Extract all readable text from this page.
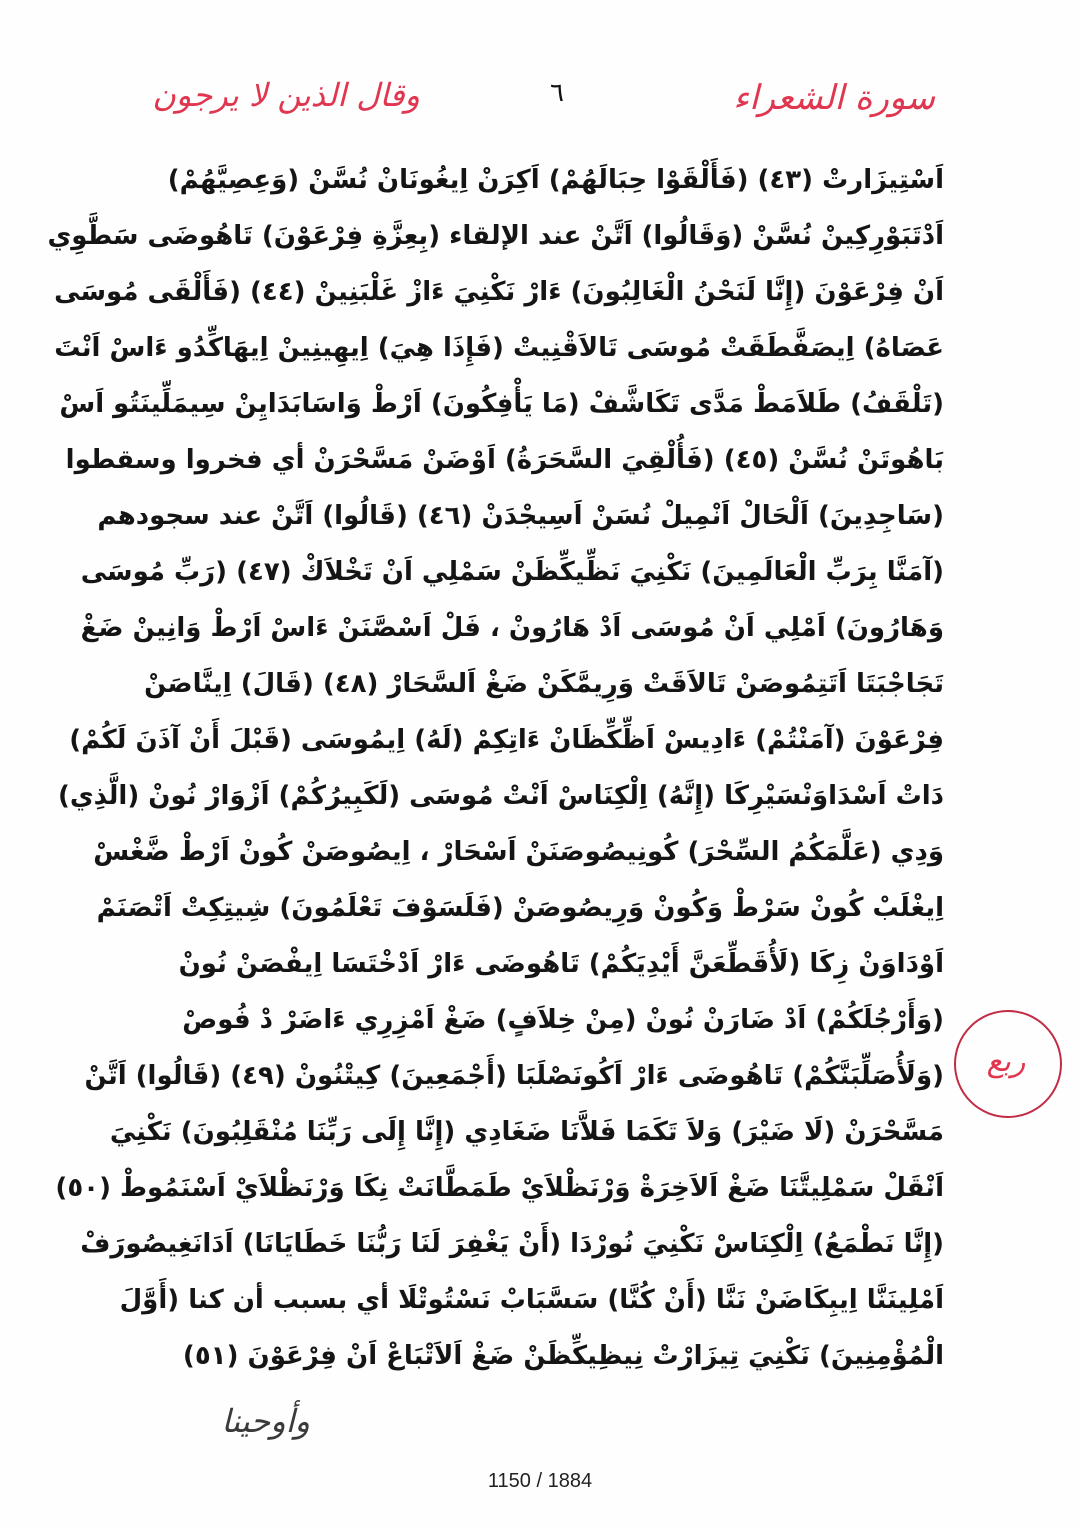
سورة الشعراء
٦
وقال الذين لا يرجون
اَسْتِيزَارتْ (٤٣) (فَأَلْقَوْا حِبَالَهُمْ) اَكِرَنْ اِيغُونَانْ نُسَّنْ (وَعِصِيَّهُمْ)
اَدْتَبَوْرِكِينْ نُسَّنْ (وَقَالُوا) اَتَّنْ عند الإلقاء (بِعِزَّةِ فِرْعَوْنَ) تَاهُوضَى سَطَّوِي
اَنْ فِرْعَوْنَ (إِنَّا لَنَحْنُ الْغَالِبُونَ) ءَارْ نَكْنِيَ ءَازْ غَلْبَنِينْ (٤٤) (فَأَلْقَى مُوسَى
عَصَاهُ) اِيصَفَّطَقَتْ مُوسَى تَالاَقْنِيتْ (فَإِذَا هِيَ) اِيهِينِينْ اِيهَاكِّدُو ءَاسْ اَنْتَ
(تَلْقَفُ) طَلاَمَطْ مَدَّى تَكَاشَّفْ (مَا يَأْفِكُونَ) اَرْطْ وَاسَابَدَايِنْ سِيمَلِّينَتُو اَسْ
بَاهُوتَنْ نُسَّنْ (٤٥) (فَأُلْقِيَ السَّحَرَةُ) اَوْضَنْ مَسَّحْرَنْ أي فخروا وسقطوا
(سَاجِدِينَ) اَلْحَالْ اَنْمِيلْ نُسَنْ اَسِيجْدَنْ (٤٦) (قَالُوا) اَتَّنْ عند سجودهم
(آمَنَّا بِرَبِّ الْعَالَمِينَ) نَكْنِيَ نَظِّيكِّظَنْ سَمْلِي اَنْ تَخْلاَكْ (٤٧) (رَبِّ مُوسَى
وَهَارُونَ) اَمْلِي اَنْ مُوسَى اَدْ هَارُونْ ، فَلْ اَسْصَّنَنْ ءَاسْ اَرْطْ وَانِينْ ضَغْ
تَجَاجْبَتَا اَتَتِمُوصَنْ تَالاَقَتْ وَرِيمَّكَنْ ضَغْ اَلسَّحَارْ (٤٨) (قَالَ) اِينَّاصَنْ
فِرْعَوْنَ (آمَنْتُمْ) ءَادِيسْ اَظِّكِّظَانْ ءَاتِكِمْ (لَهُ) اِيمُوسَى (قَبْلَ أَنْ آذَنَ لَكُمْ)
دَاتْ اَسْدَاوَنْسَيْرِكَا (إِنَّهُ) اِلْكِنَاسْ اَنْتْ مُوسَى (لَكَبِيرُكُمْ) اَزْوَارْ نُونْ (الَّذِي)
وَدِي (عَلَّمَكُمُ السِّحْرَ) كُونِيصُوصَنَنْ اَسْحَارْ ، اِيصُوصَنْ كُونْ اَرْطْ ضَّغْسْ
اِيغْلَبْ كُونْ سَرْطْ وَكُونْ وَرِيصُوصَنْ (فَلَسَوْفَ تَعْلَمُونَ) شِيتِكِتْ اَتْصَنَمْ
اَوْدَاوَنْ زِكَا (لَأُقَطِّعَنَّ أَيْدِيَكُمْ) تَاهُوضَى ءَارْ اَدْخْتَسَا اِيفْصَنْ نُونْ
(وَأَرْجُلَكُمْ) اَدْ ضَارَنْ نُونْ (مِنْ خِلاَفٍ) ضَغْ اَمْزِرِي ءَاضَرْ دْ فُوصْ
(وَلَأُصَلِّبَنَّكُمْ) تَاهُوضَى ءَارْ اَكُونَصْلَبَا (أَجْمَعِينَ) كِيتْنُونْ (٤٩) (قَالُوا) اَتَّنْ
مَسَّحْرَنْ (لَا ضَيْرَ) وَلاَ تَكَمَا فَلاَّنَا ضَغَادِي (إِنَّا إِلَى رَبِّنَا مُنْقَلِبُونَ) نَكْنِيَ
اَنْقَلْ سَمْلِيتَّنَا ضَغْ اَلاَخِرَةْ وَرْنَظْلاَيْ طَمَطَّانَتْ نِكَا وَرْنَظْلاَيْ اَسْنَمُوطْ (٥٠)
(إِنَّا نَطْمَعُ) اِلْكِنَاسْ نَكْنِيَ نُورْدَا (أَنْ يَغْفِرَ لَنَا رَبُّنَا خَطَايَانَا) اَدَانَغِيصُورَفْ
اَمْلِينَنَّا اِيبِكَاضَنْ نَنَّا (أَنْ كُنَّا) سَسَّبَابْ نَسْتُوتْلَا أي بسبب أن كنا (أَوَّلَ
الْمُؤْمِنِينَ) نَكْنِيَ تِيزَارْتْ نِيظِيكِّظَنْ ضَغْ اَلاَتْبَاعْ اَنْ فِرْعَوْنَ (٥١)
ربع
وأوحينا
1150 / 1884
